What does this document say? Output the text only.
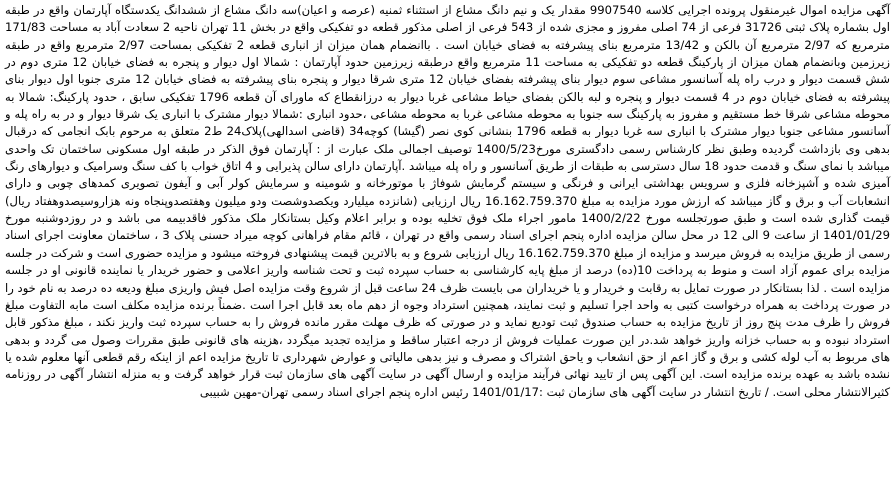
آگهی مزایده اموال غیرمنقول پرونده اجرایی کلاسه 9907540 مقدار یک و نیم دانگ مشاع از استثناء ثمنیه (عرصه و اعیان)سه دانگ مشاع از ششدانگ یکدستگاه آپارتمان واقع در طبقه اول بشماره پلاک ثبتی 31726 فرعی از 74 اصلی مفروز و مجزی شده از 543 فرعی از اصلی مذکور قطعه دو تفکیکی واقع در بخش 11 تهران ناحیه 2 سعادت آباد به مساحت 171/83 مترمربع که 2/97 مترمربع آن بالکن و 13/42 مترمربع بنای پیشرفته به فضای خیابان است . باانضمام همان میزان از انباری قطعه 2 تفکیکی بمساحت 2/97 مترمربع واقع در طبقه زیرزمین وبانضمام همان میزان از پارکینگ قطعه دو تفکیکی به مساحت 11 مترمربع واقع درطبقه زیرزمین حدود آپارتمان : شمالا اول دیوار و پنجره به فضای خیابان 12 متری دوم در شش قسمت دیوار و درب راه پله آسانسور مشاعی سوم دیوار بنای پیشرفته بفضای خیابان 12 متری شرقا دیوار و پنجره بنای پیشرفته به فضای خیابان 12 متری جنوبا اول دیوار بنای پیشرفته به فضای خیابان دوم در 4 قسمت دیوار و پنجره و لبه بالکن بفضای حیاط مشاعی غربا دیوار به درزانقطاع که ماورای آن قطعه 1796 تفکیکی سابق ، حدود پارکینگ: شمالا به محوطه مشاعی شرقا خط مستقیم و مفروز به پارکینگ سه جنوبا به محوطه مشاعی غربا به محوطه مشاعی ،حدود انباری :شمالا دیوار مشترک با انباری یک شرقا دیوار و در به راه پله و آسانسور مشاعی جنوبا دیوار مشترک با انباری سه غربا دیوار به قطعه 1796 بنشانی کوی نصر (گیشا) کوچه34 (قاضی اسدالهی)پلاک24 ط2 متعلق به مرحوم بابک انجامی که درقبال بدهی وی بازداشت گردیده وطبق نظر کارشناس رسمی دادگستری مورخ1400/5/23 توصیف اجمالی ملک عبارت از : آپارتمان فوق الذکر در طبقه اول مسکونی ساختمان تک واحدی میباشد با نمای سنگ و قدمت حدود 18 سال دسترسی به طبقات از طریق آسانسور و راه پله میباشد .آپارتمان دارای سالن پذیرایی و 4 اتاق خواب با کف سنگ وسرامیک و دیوارهای رنگ آمیزی شده و آشپزخانه فلزی و سرویس بهداشتی ایرانی و فرنگی و سیستم گرمایش شوفاژ با موتورخانه و شومینه و سرمایش کولر آبی و آیفون تصویری کمدهای چوبی و دارای انشعابات آب و برق و گاز میباشد که ارزش مورد مزایده به مبلغ 16.162.759.370 ریال ارزیابی (شانزده میلیارد ویکصدوشصت ودو میلیون وهفتصدوپنجاه ونه هزاروسیصدوهفتاد ریال) قیمت گذاری شده است و طبق صورتجلسه مورخ 1400/2/22 مامور اجراء ملک فوق تخلیه بوده و برابر اعلام وکیل بستانکار ملک مذکور فاقدبیمه می باشد و در روزدوشنبه مورخ 1401/01/29 از ساعت 9 الی 12 در محل سالن مزایده اداره پنجم اجرای اسناد رسمی واقع در تهران ، قائم مقام فراهانی کوچه میراد حسنی پلاک 3 ، ساختمان معاونت اجرای اسناد رسمی از طریق مزایده به فروش میرسد و مزایده از مبلغ 16.162.759.370 ریال ارزیابی شروع و به بالاترین قیمت پیشنهادی فروخته میشود و مزایده حضوری است و شرکت در جلسه مزایده برای عموم آزاد است و منوط به پرداخت 10(ده) درصد از مبلغ پایه کارشناسی به حساب سپرده ثبت و تحت شناسه واریز اعلامی و حضور خریدار یا نماینده قانونی او در جلسه مزایده است . لذا بستانکار در صورت تمایل به رقابت و خریدار و یا خریداران می بایست ظرف 24 ساعت قبل از شروع وقت مزایده اصل فیش واریزی مبلغ ودیعه ده درصد به نام خود را در صورت پرداخت به همراه درخواست کتبی به واحد اجرا تسلیم و ثبت نمایند، همچنین استرداد وجوه از دهم ماه بعد قابل اجرا است .ضمناً برنده مزایده مکلف است مابه التفاوت مبلغ فروش را ظرف مدت پنج روز از تاریخ مزایده به حساب صندوق ثبت تودیع نماید و در صورتی که ظرف مهلت مقرر مانده فروش را به حساب سپرده ثبت واریز نکند ، مبلغ مذکور قابل استرداد نبوده و به حساب خزانه واریز خواهد شد.در این صورت عملیات فروش از درجه اعتبار ساقط و مزایده تجدید میگردد ،هزینه های قانونی طبق مقررات وصول می گردد و بدهی های مربوط به آب لوله کشی و برق و گاز اعم از حق انشعاب و یاحق اشتراک و مصرف و نیز بدهی مالیاتی و عوارض شهرداری تا تاریخ مزایده اعم از اینکه رقم قطعی آنها معلوم شده یا نشده باشد به عهده برنده مزایده است. این آگهی پس از تایید نهائی فرآیند مزایده و ارسال آگهی در سایت آگهی های سازمان ثبت قرار خواهد گرفت و به منزله انتشار آگهی در روزنامه کثیرالانتشار محلی است. / تاریخ انتشار در سایت آگهی های سازمان ثبت :1401/01/17 رئیس اداره پنجم اجرای اسناد رسمی تهران-مهین شبیبی
